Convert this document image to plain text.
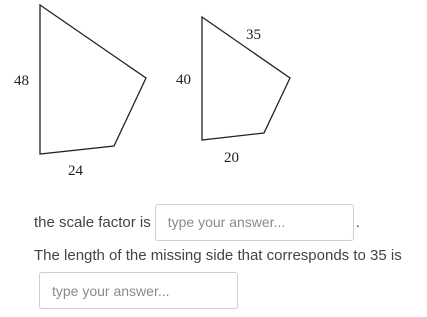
48
24
40
35
20
the scale factor is
type your answer...	.
The length of the missing side that corresponds to 35 is
type your answer...
